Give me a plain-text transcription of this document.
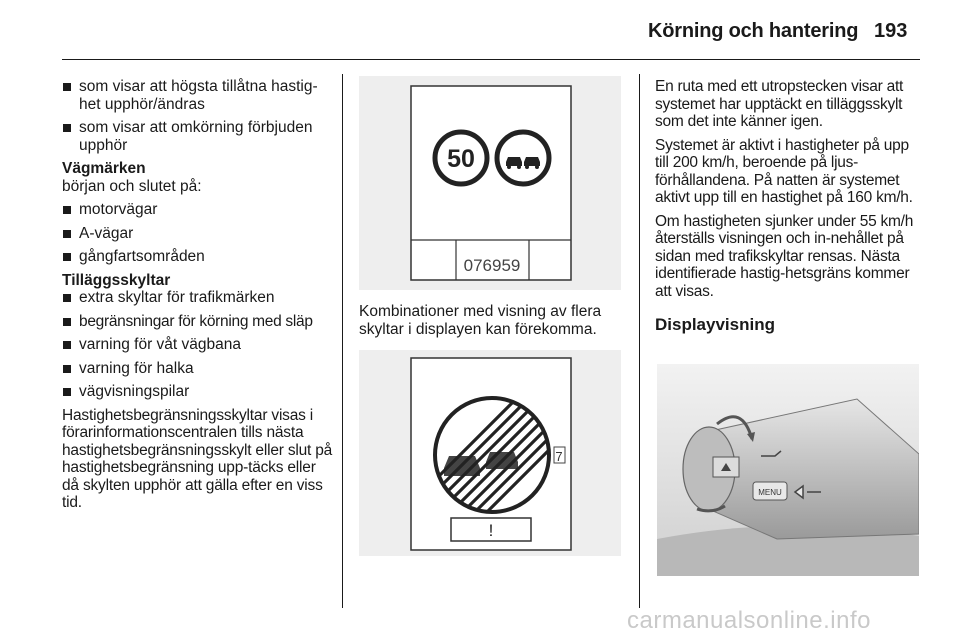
Körning och hantering 193
som visar att högsta tillåtna hastig-het upphör/ändras
som visar att omkörning förbjuden upphör
Vägmärken
början och slutet på:
motorvägar
A-vägar
gångfartsområden
Tilläggsskyltar
extra skyltar för trafikmärken
begränsningar för körning med släp
varning för våt vägbana
varning för halka
vägvisningspilar
Hastighetsbegränsningsskyltar visas i förarinformationscentralen tills nästa hastighetsbegränsningsskylt eller slut på hastighetsbegränsning upp-täcks eller då skylten upphör att gälla efter en viss tid.
50
076959
Kombinationer med visning av flera skyltar i displayen kan förekomma.
7
!
En ruta med ett utropstecken visar att systemet har upptäckt en tilläggsskylt som det inte känner igen.
Systemet är aktivt i hastigheter på upp till 200 km/h, beroende på ljus-förhållandena. På natten är systemet aktivt upp till en hastighet på 160 km/h.
Om hastigheten sjunker under 55 km/h återställs visningen och in-nehållet på sidan med trafikskyltar rensas. Nästa identifierade hastig-hetsgräns kommer att visas.
Displayvisning
MENU
carmanualsonline.info
